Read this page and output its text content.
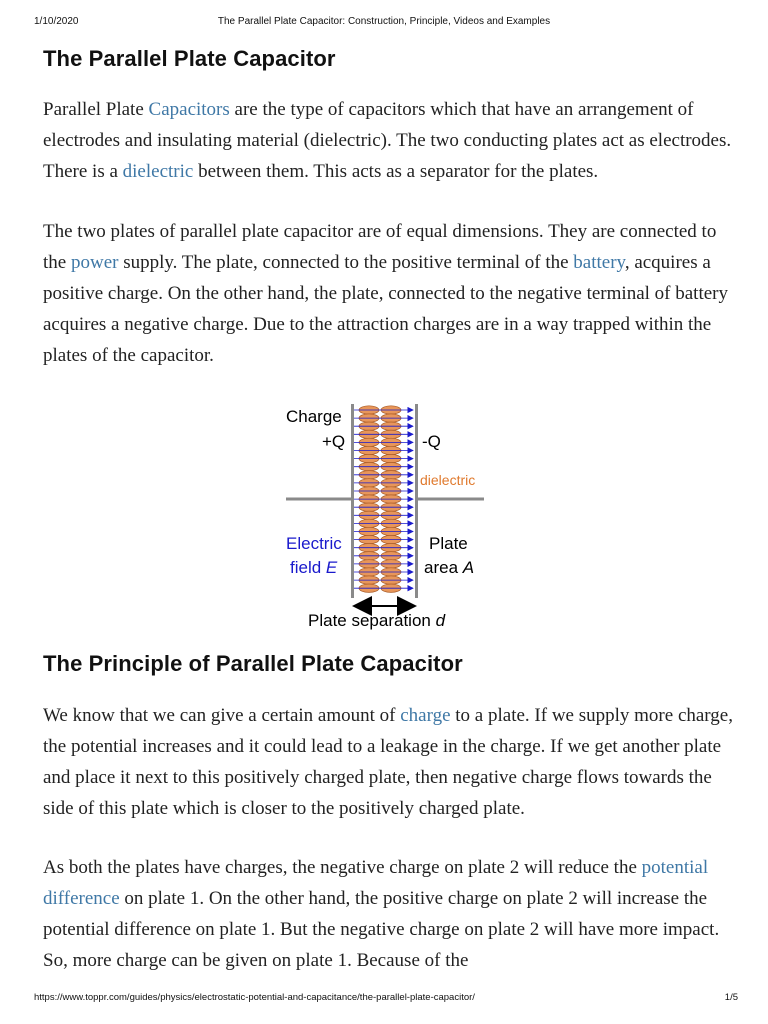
1/10/2020	The Parallel Plate Capacitor: Construction, Principle, Videos and Examples
The Parallel Plate Capacitor

Parallel Plate Capacitors are the type of capacitors which that have an arrangement of electrodes and insulating material (dielectric). The two conducting plates act as electrodes. There is a dielectric between them. This acts as a separator for the plates.

The two plates of parallel plate capacitor are of equal dimensions. They are connected to the power supply. The plate, connected to the positive terminal of the battery, acquires a positive charge. On the other hand, the plate, connected to the negative terminal of battery acquires a negative charge. Due to the attraction charges are in a way trapped within the plates of the capacitor.

Charge
+Q	-Q
dielectric
Electric
field E
Plate
area A
Plate separation d
The Principle of Parallel Plate Capacitor

We know that we can give a certain amount of charge to a plate. If we supply more charge, the potential increases and it could lead to a leakage in the charge. If we get another plate and place it next to this positively charged plate, then negative charge flows towards the side of this plate which is closer to the positively charged plate.

As both the plates have charges, the negative charge on plate 2 will reduce the potential difference on plate 1. On the other hand, the positive charge on plate 2 will increase the potential difference on plate 1. But the negative charge on plate 2 will have more impact. So, more charge can be given on plate 1. Because of the

https://www.toppr.com/guides/physics/electrostatic-potential-and-capacitance/the-parallel-plate-capacitor/	1/5
